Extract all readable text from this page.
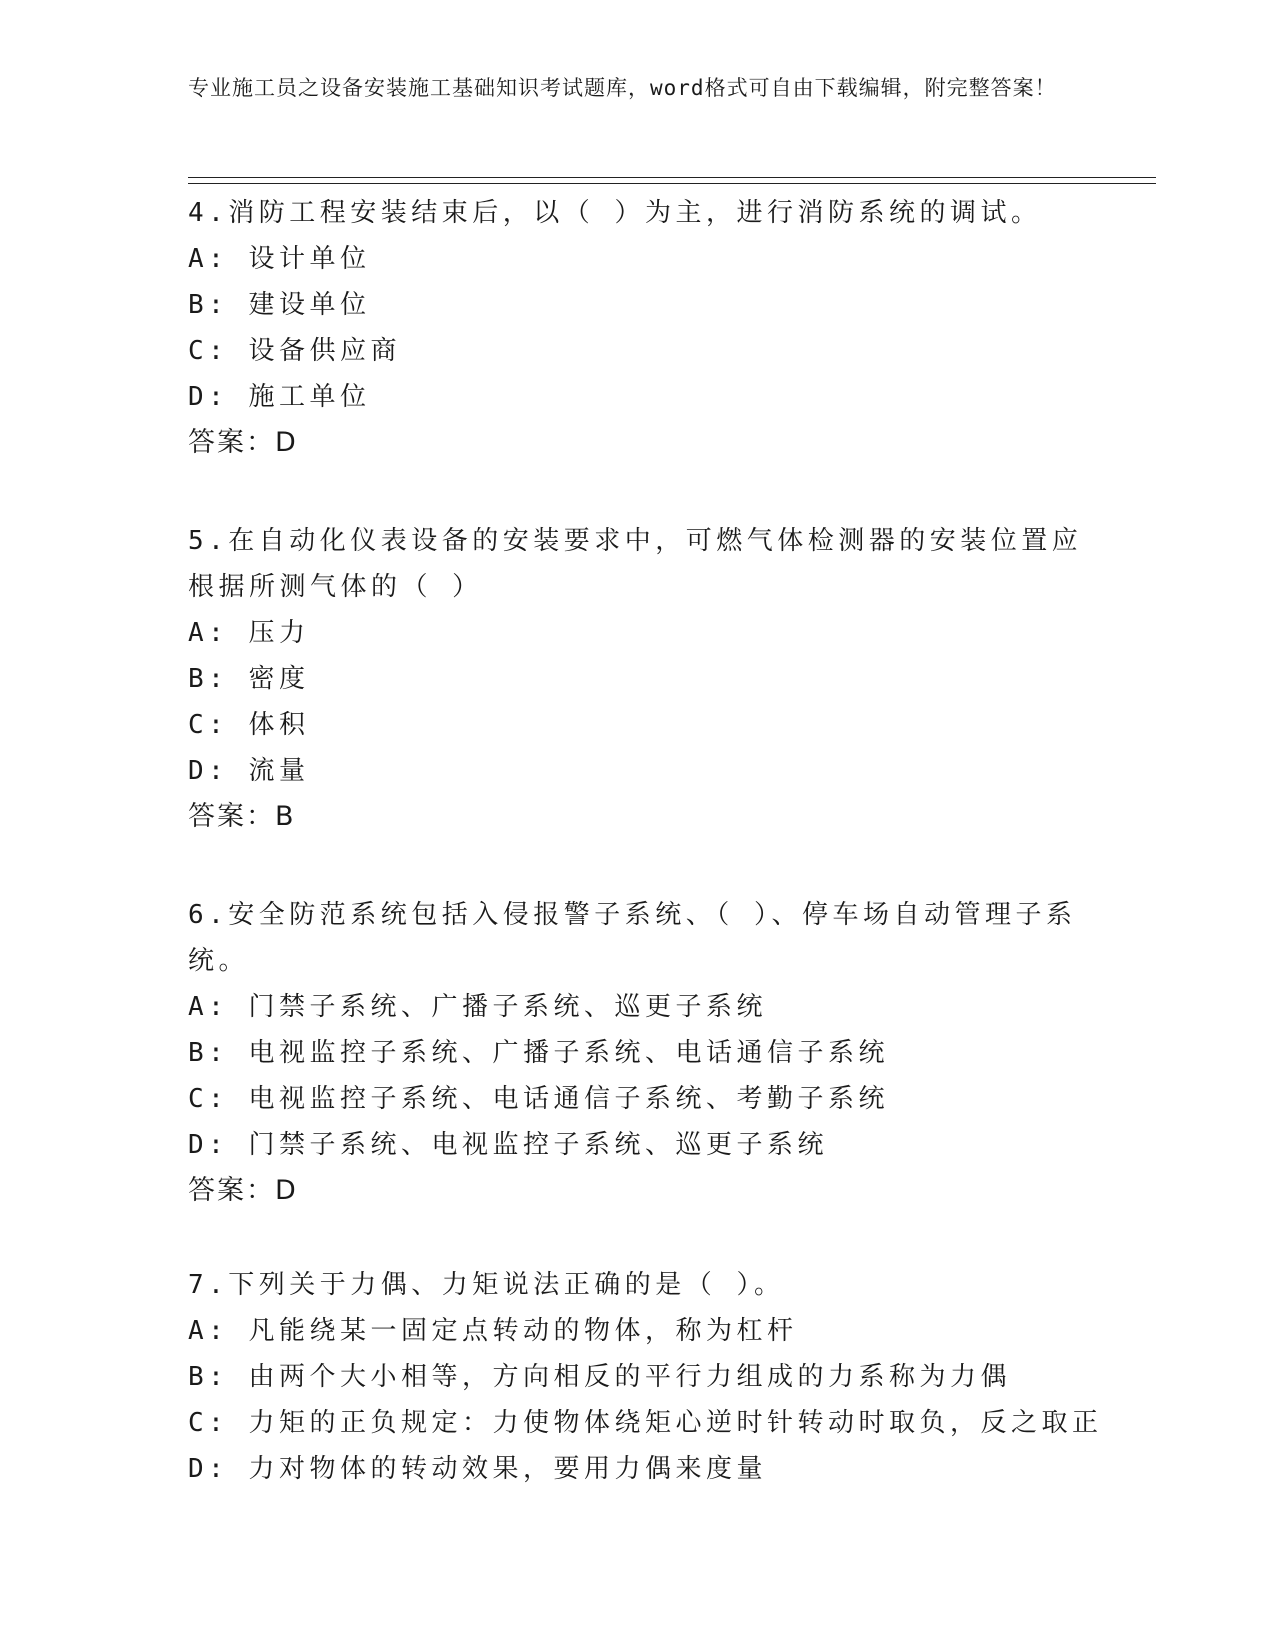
专业施工员之设备安装施工基础知识考试题库，word格式可自由下载编辑，附完整答案！

4.消防工程安装结束后，以（ ）为主，进行消防系统的调试。

A: 设计单位
B: 建设单位
C: 设备供应商
D: 施工单位

答案：D

5.在自动化仪表设备的安装要求中，可燃气体检测器的安装位置应根据所测气体的（ ）

A: 压力
B: 密度
C: 体积
D: 流量

答案：B

6.安全防范系统包括入侵报警子系统、（ ）、停车场自动管理子系统。

A: 门禁子系统、广播子系统、巡更子系统
B: 电视监控子系统、广播子系统、电话通信子系统
C: 电视监控子系统、电话通信子系统、考勤子系统
D: 门禁子系统、电视监控子系统、巡更子系统

答案：D

7.下列关于力偶、力矩说法正确的是（ ）。

A: 凡能绕某一固定点转动的物体，称为杠杆
B: 由两个大小相等，方向相反的平行力组成的力系称为力偶
C: 力矩的正负规定：力使物体绕矩心逆时针转动时取负，反之取正
D: 力对物体的转动效果，要用力偶来度量
